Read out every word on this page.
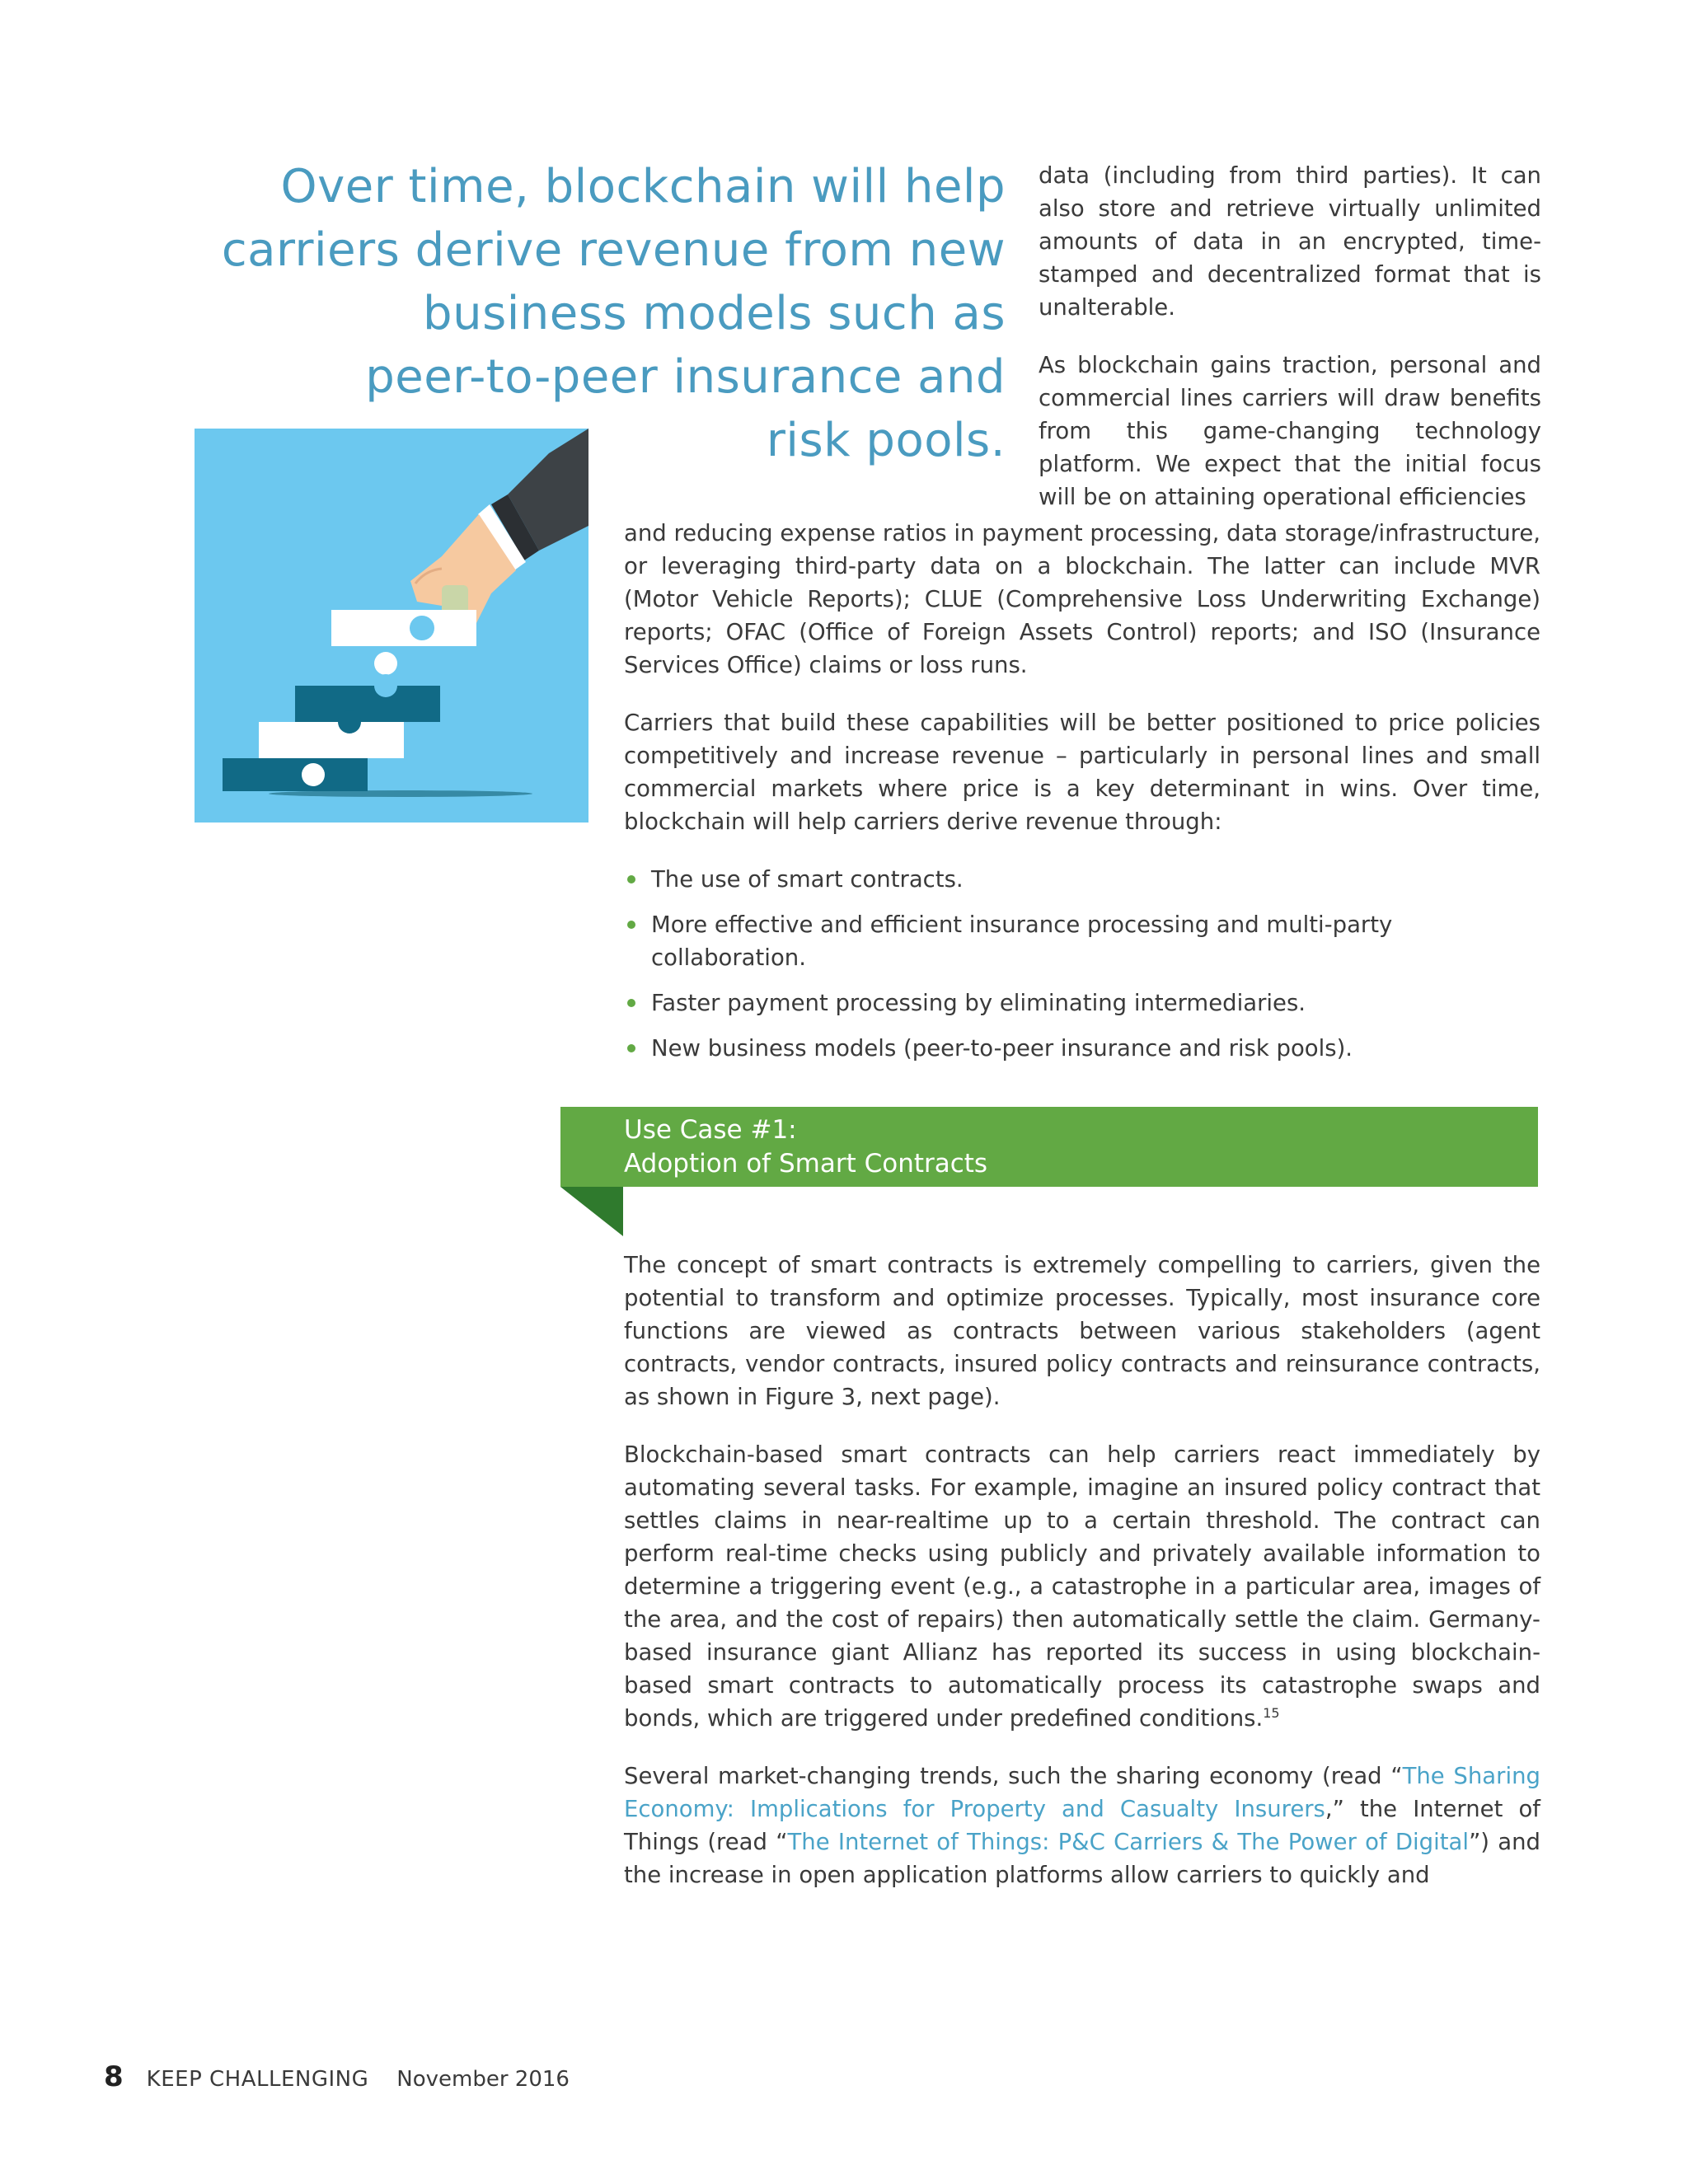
Over time, blockchain will help
carriers derive revenue from new
business models such as
peer-to-peer insurance and
risk pools.

data (including from third parties). It can also store and retrieve virtually unlimited amounts of data in an encrypted, time-stamped and decentralized format that is unalterable.

As blockchain gains traction, personal and commercial lines carriers will draw benefits from this game-changing technology platform. We expect that the initial focus will be on attaining operational efficiencies

and reducing expense ratios in payment processing, data storage/infrastructure, or leveraging third-party data on a blockchain. The latter can include MVR (Motor Vehicle Reports); CLUE (Comprehensive Loss Underwriting Exchange) reports; OFAC (Office of Foreign Assets Control) reports; and ISO (Insurance Services Office) claims or loss runs.

Carriers that build these capabilities will be better positioned to price policies competitively and increase revenue – particularly in personal lines and small commercial markets where price is a key determinant in wins. Over time, blockchain will help carriers derive revenue through:

The use of smart contracts.
More effective and efficient insurance processing and multi-party collaboration.
Faster payment processing by eliminating intermediaries.
New business models (peer-to-peer insurance and risk pools).
Use Case #1:
Adoption of Smart Contracts

The concept of smart contracts is extremely compelling to carriers, given the potential to transform and optimize processes. Typically, most insurance core functions are viewed as contracts between various stakeholders (agent contracts, vendor contracts, insured policy contracts and reinsurance contracts, as shown in Figure 3, next page).

Blockchain-based smart contracts can help carriers react immediately by automating several tasks. For example, imagine an insured policy contract that settles claims in near-realtime up to a certain threshold. The contract can perform real-time checks using publicly and privately available information to determine a triggering event (e.g., a catastrophe in a particular area, images of the area, and the cost of repairs) then automatically settle the claim. Germany-based insurance giant Allianz has reported its success in using blockchain-based smart contracts to automatically process its catastrophe swaps and bonds, which are triggered under predefined conditions.$^{15}$

Several market-changing trends, such the sharing economy (read “The Sharing Economy: Implications for Property and Casualty Insurers,” the Internet of Things (read “The Internet of Things: P&C Carriers & The Power of Digital”) and the increase in open application platforms allow carriers to quickly and

8 KEEP CHALLENGING November 2016
